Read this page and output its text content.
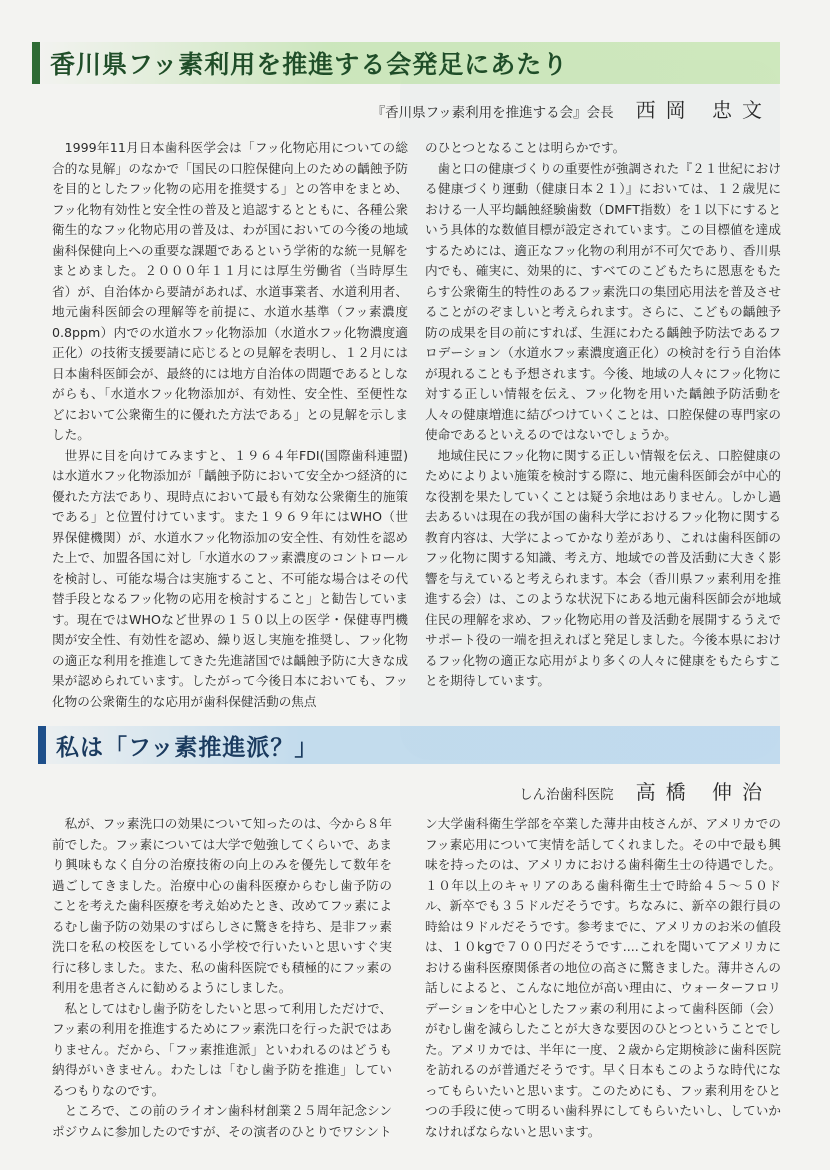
香川県フッ素利用を推進する会発足にあたり
『香川県フッ素利用を推進する会』会長 西岡 忠文

1999年11月日本歯科医学会は「フッ化物応用についての総合的な見解」のなかで「国民の口腔保健向上のための齲蝕予防を目的としたフッ化物の応用を推奨する」との答申をまとめ、フッ化物有効性と安全性の普及と追認するとともに、各種公衆衛生的なフッ化物応用の普及は、わが国においての今後の地域歯科保健向上への重要な課題であるという学術的な統一見解をまとめました。２０００年１１月には厚生労働省（当時厚生省）が、自治体から要請があれば、水道事業者、水道利用者、地元歯科医師会の理解等を前提に、水道水基準（フッ素濃度0.8ppm）内での水道水フッ化物添加（水道水フッ化物濃度適正化）の技術支援要請に応じるとの見解を表明し、１２月には日本歯科医師会が、最終的には地方自治体の問題であるとしながらも、「水道水フッ化物添加が、有効性、安全性、至便性などにおいて公衆衛生的に優れた方法である」との見解を示しました。

世界に目を向けてみますと、１９６４年FDI(国際歯科連盟)は水道水フッ化物添加が「齲蝕予防において安全かつ経済的に優れた方法であり、現時点において最も有効な公衆衛生的施策である」と位置付けています。また１９６９年にはWHO（世界保健機関）が、水道水フッ化物添加の安全性、有効性を認めた上で、加盟各国に対し「水道水のフッ素濃度のコントロールを検討し、可能な場合は実施すること、不可能な場合はその代替手段となるフッ化物の応用を検討すること」と勧告しています。現在ではWHOなど世界の１５０以上の医学・保健専門機関が安全性、有効性を認め、繰り返し実施を推奨し、フッ化物の適正な利用を推進してきた先進諸国では齲蝕予防に大きな成果が認められています。したがって今後日本においても、フッ化物の公衆衛生的な応用が歯科保健活動の焦点

のひとつとなることは明らかです。

歯と口の健康づくりの重要性が強調された『２１世紀における健康づくり運動（健康日本２１）』においては、１２歳児における一人平均齲蝕経験歯数（DMFT指数）を１以下にするという具体的な数値目標が設定されています。この目標値を達成するためには、適正なフッ化物の利用が不可欠であり、香川県内でも、確実に、効果的に、すべてのこどもたちに恩恵をもたらす公衆衛生的特性のあるフッ素洗口の集団応用法を普及させることがのぞましいと考えられます。さらに、こどもの齲蝕予防の成果を目の前にすれば、生涯にわたる齲蝕予防法であるフロデーション（水道水フッ素濃度適正化）の検討を行う自治体が現れることも予想されます。今後、地域の人々にフッ化物に対する正しい情報を伝え、フッ化物を用いた齲蝕予防活動を人々の健康増進に結びつけていくことは、口腔保健の専門家の使命であるといえるのではないでしょうか。

地域住民にフッ化物に関する正しい情報を伝え、口腔健康のためによりよい施策を検討する際に、地元歯科医師会が中心的な役割を果たしていくことは疑う余地はありません。しかし過去あるいは現在の我が国の歯科大学におけるフッ化物に関する教育内容は、大学によってかなり差があり、これは歯科医師のフッ化物に関する知識、考え方、地域での普及活動に大きく影響を与えていると考えられます。本会（香川県フッ素利用を推進する会）は、このような状況下にある地元歯科医師会が地域住民の理解を求め、フッ化物応用の普及活動を展開するうえでサポート役の一端を担えればと発足しました。今後本県におけるフッ化物の適正な応用がより多くの人々に健康をもたらすことを期待しています。

私は「フッ素推進派？」
しん治歯科医院 高橋 伸治

私が、フッ素洗口の効果について知ったのは、今から８年前でした。フッ素については大学で勉強してくらいで、あまり興味もなく自分の治療技術の向上のみを優先して数年を過ごしてきました。治療中心の歯科医療からむし歯予防のことを考えた歯科医療を考え始めたとき、改めてフッ素によるむし歯予防の効果のすばらしさに驚きを持ち、是非フッ素洗口を私の校医をしている小学校で行いたいと思いすぐ実行に移しました。また、私の歯科医院でも積極的にフッ素の利用を患者さんに勧めるようにしました。

私としてはむし歯予防をしたいと思って利用しただけで、フッ素の利用を推進するためにフッ素洗口を行った訳ではありません。だから、「フッ素推進派」といわれるのはどうも納得がいきません。わたしは「むし歯予防を推進」しているつもりなのです。

ところで、この前のライオン歯科材創業２５周年記念シンポジウムに参加したのですが、その演者のひとりでワシント

ン大学歯科衛生学部を卒業した薄井由枝さんが、アメリカでのフッ素応用について実情を話してくれました。その中で最も興味を持ったのは、アメリカにおける歯科衛生士の待遇でした。１０年以上のキャリアのある歯科衛生士で時給４５～５０ドル、新卒でも３５ドルだそうです。ちなみに、新卒の銀行員の時給は９ドルだそうです。参考までに、アメリカのお米の値段は、１０kgで７００円だそうです....これを聞いてアメリカにおける歯科医療関係者の地位の高さに驚きました。薄井さんの話しによると、こんなに地位が高い理由に、ウォーターフロリデーションを中心としたフッ素の利用によって歯科医師（会）がむし歯を減らしたことが大きな要因のひとつということでした。アメリカでは、半年に一度、２歳から定期検診に歯科医院を訪れるのが普通だそうです。早く日本もこのような時代になってもらいたいと思います。このためにも、フッ素利用をひとつの手段に使って明るい歯科界にしてもらいたいし、していかなければならないと思います。
